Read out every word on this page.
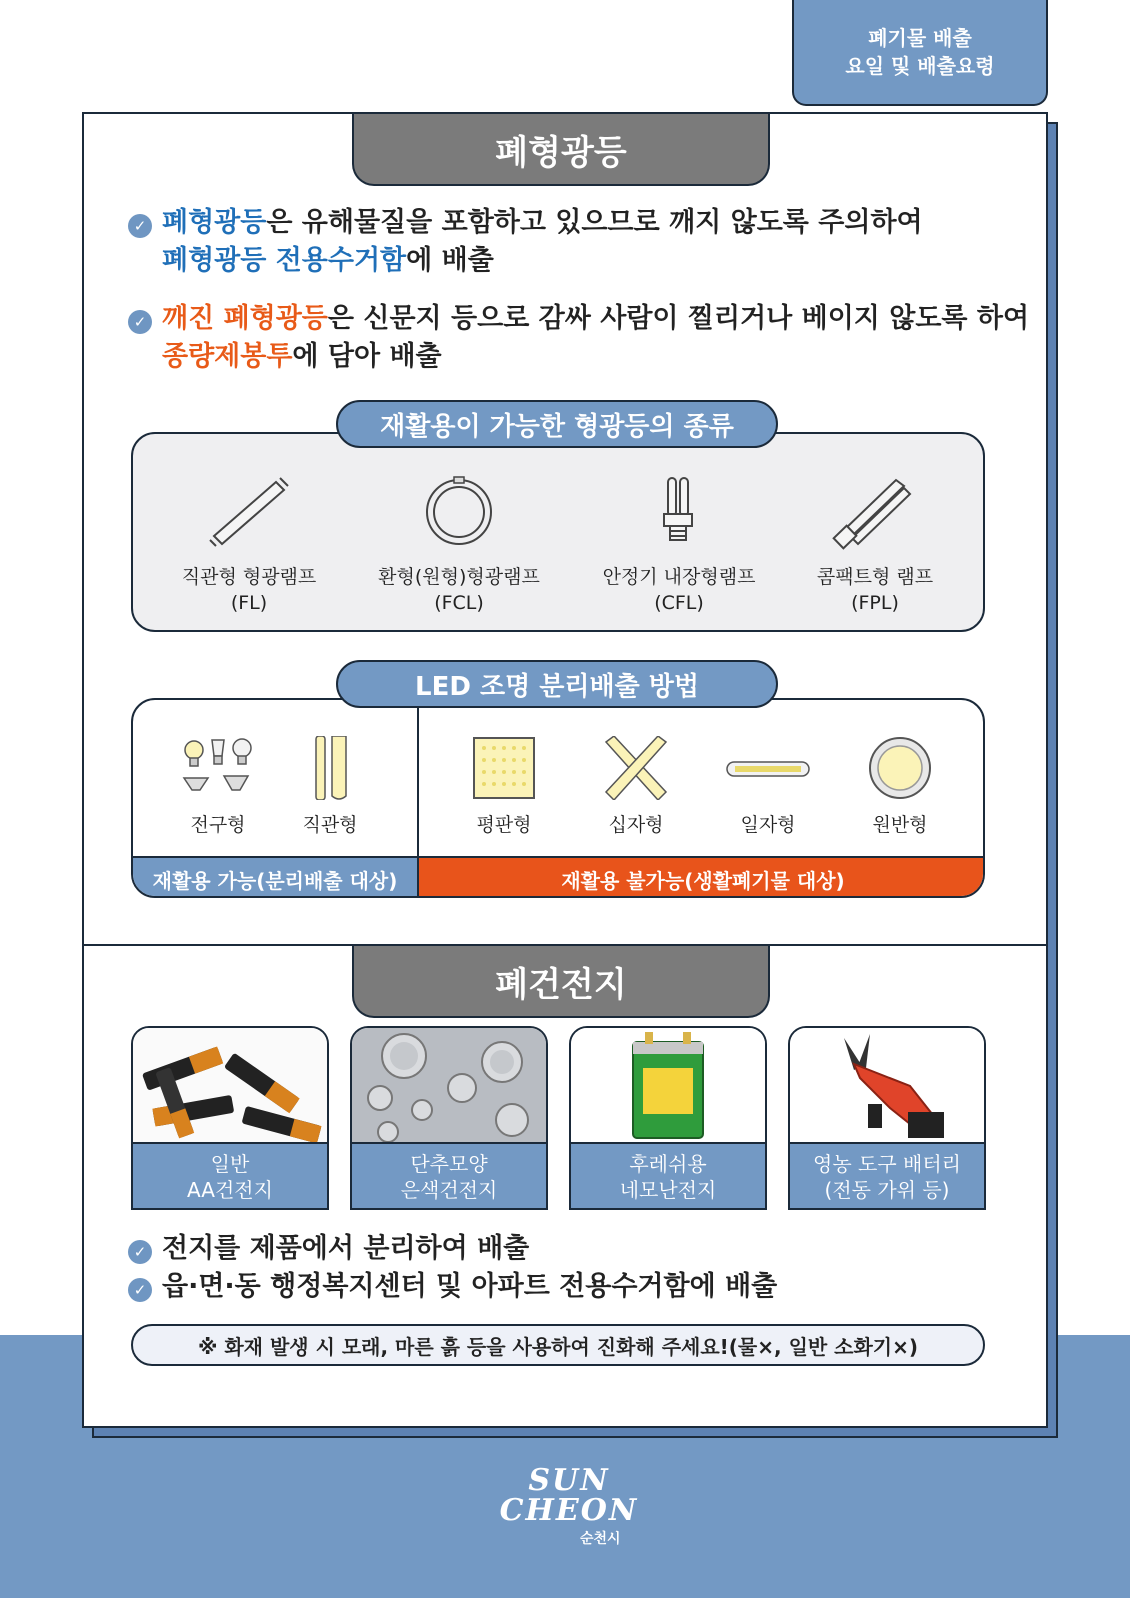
폐기물 배출
요일 및 배출요령
폐형광등
✓ 폐형광등은 유해물질을 포함하고 있으므로 깨지 않도록 주의하여
폐형광등 전용수거함에 배출
✓ 깨진 폐형광등은 신문지 등으로 감싸 사람이 찔리거나 베이지 않도록 하여
종량제봉투에 담아 배출
재활용이 가능한 형광등의 종류
직관형 형광램프
(FL)
환형(원형)형광램프
(FCL)
안정기 내장형램프
(CFL)
콤팩트형 램프
(FPL)
LED 조명 분리배출 방법
전구형	직관형	평판형	십자형	일자형	원반형
재활용 가능(분리배출 대상)	재활용 불가능(생활폐기물 대상)
폐건전지
일반
AA건전지
단추모양
은색건전지
후레쉬용
네모난전지
영농 도구 배터리
(전동 가위 등)
✓ 전지를 제품에서 분리하여 배출
✓ 읍·면·동 행정복지센터 및 아파트 전용수거함에 배출
※ 화재 발생 시 모래, 마른 흙 등을 사용하여 진화해 주세요!(물×, 일반 소화기×)
SUN
CHEON
순천시
